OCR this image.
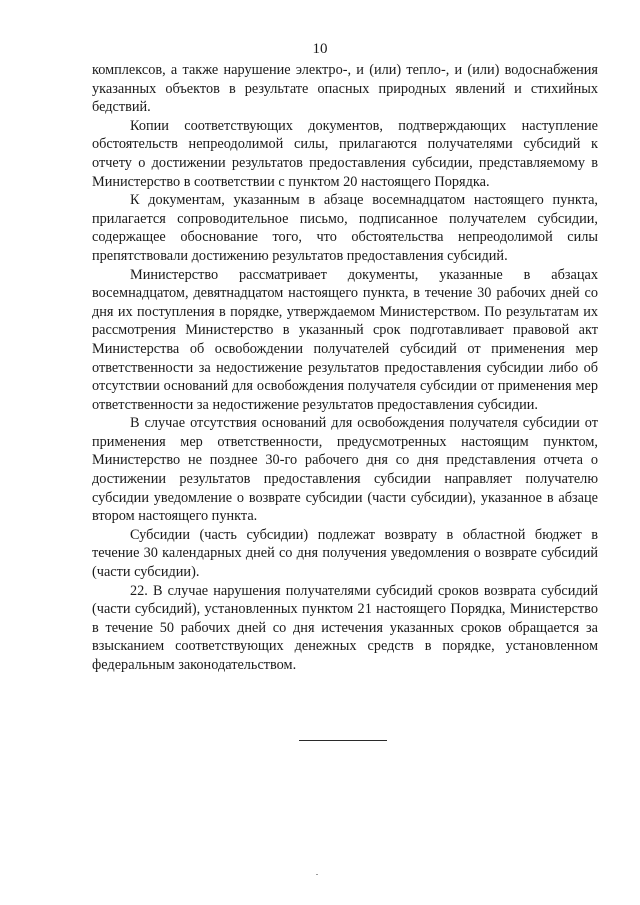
10

комплексов, а также нарушение электро-, и (или) тепло-, и (или) водоснабжения указанных объектов в результате опасных природных явлений и стихийных бедствий.

Копии соответствующих документов, подтверждающих наступление обстоятельств непреодолимой силы, прилагаются получателями субсидий к отчету о достижении результатов предоставления субсидии, представляемому в Министерство в соответствии с пунктом 20 настоящего Порядка.

К документам, указанным в абзаце восемнадцатом настоящего пункта, прилагается сопроводительное письмо, подписанное получателем субсидии, содержащее обоснование того, что обстоятельства непреодолимой силы препятствовали достижению результатов предоставления субсидий.

Министерство рассматривает документы, указанные в абзацах восемнадцатом, девятнадцатом настоящего пункта, в течение 30 рабочих дней со дня их поступления в порядке, утверждаемом Министерством. По результатам их рассмотрения Министерство в указанный срок подготавливает правовой акт Министерства об освобождении получателей субсидий от применения мер ответственности за недостижение результатов предоставления субсидии либо об отсутствии оснований для освобождения получателя субсидии от применения мер ответственности за недостижение результатов предоставления субсидии.

В случае отсутствия оснований для освобождения получателя субсидии от применения мер ответственности, предусмотренных настоящим пунктом, Министерство не позднее 30-го рабочего дня со дня представления отчета о достижении результатов предоставления субсидии направляет получателю субсидии уведомление о возврате субсидии (части субсидии), указанное в абзаце втором настоящего пункта.

Субсидии (часть субсидии) подлежат возврату в областной бюджет в течение 30 календарных дней со дня получения уведомления о возврате субсидий (части субсидии).

22. В случае нарушения получателями субсидий сроков возврата субсидий (части субсидий), установленных пунктом 21 настоящего Порядка, Министерство в течение 50 рабочих дней со дня истечения указанных сроков обращается за взысканием соответствующих денежных средств в порядке, установленном федеральным законодательством.
